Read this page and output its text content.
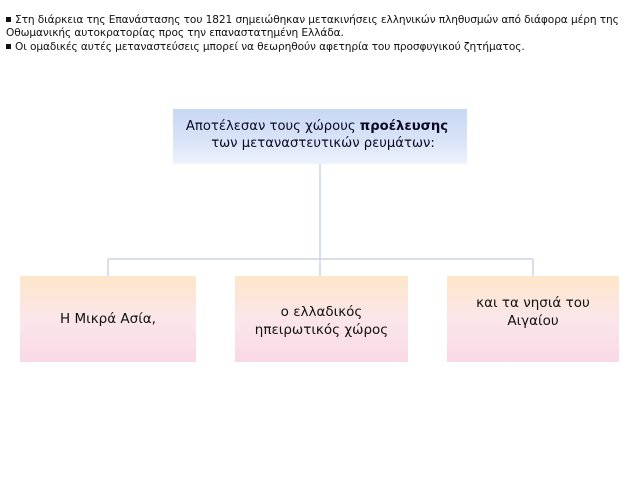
Στη διάρκεια της Επανάστασης του 1821 σημειώθηκαν μετακινήσεις ελληνικών πληθυσμών από διάφορα μέρη της Οθωμανικής αυτοκρατορίας προς την επαναστατημένη Ελλάδα.
Οι ομαδικές αυτές μεταναστεύσεις μπορεί να θεωρηθούν αφετηρία του προσφυγικού ζητήματος.
Αποτέλεσαν τους χώρους προέλευσης
των μεταναστευτικών ρευμάτων:
Η Μικρά Ασία,	ο ελλαδικός
ηπειρωτικός χώρος
και τα νησιά του
Αιγαίου
